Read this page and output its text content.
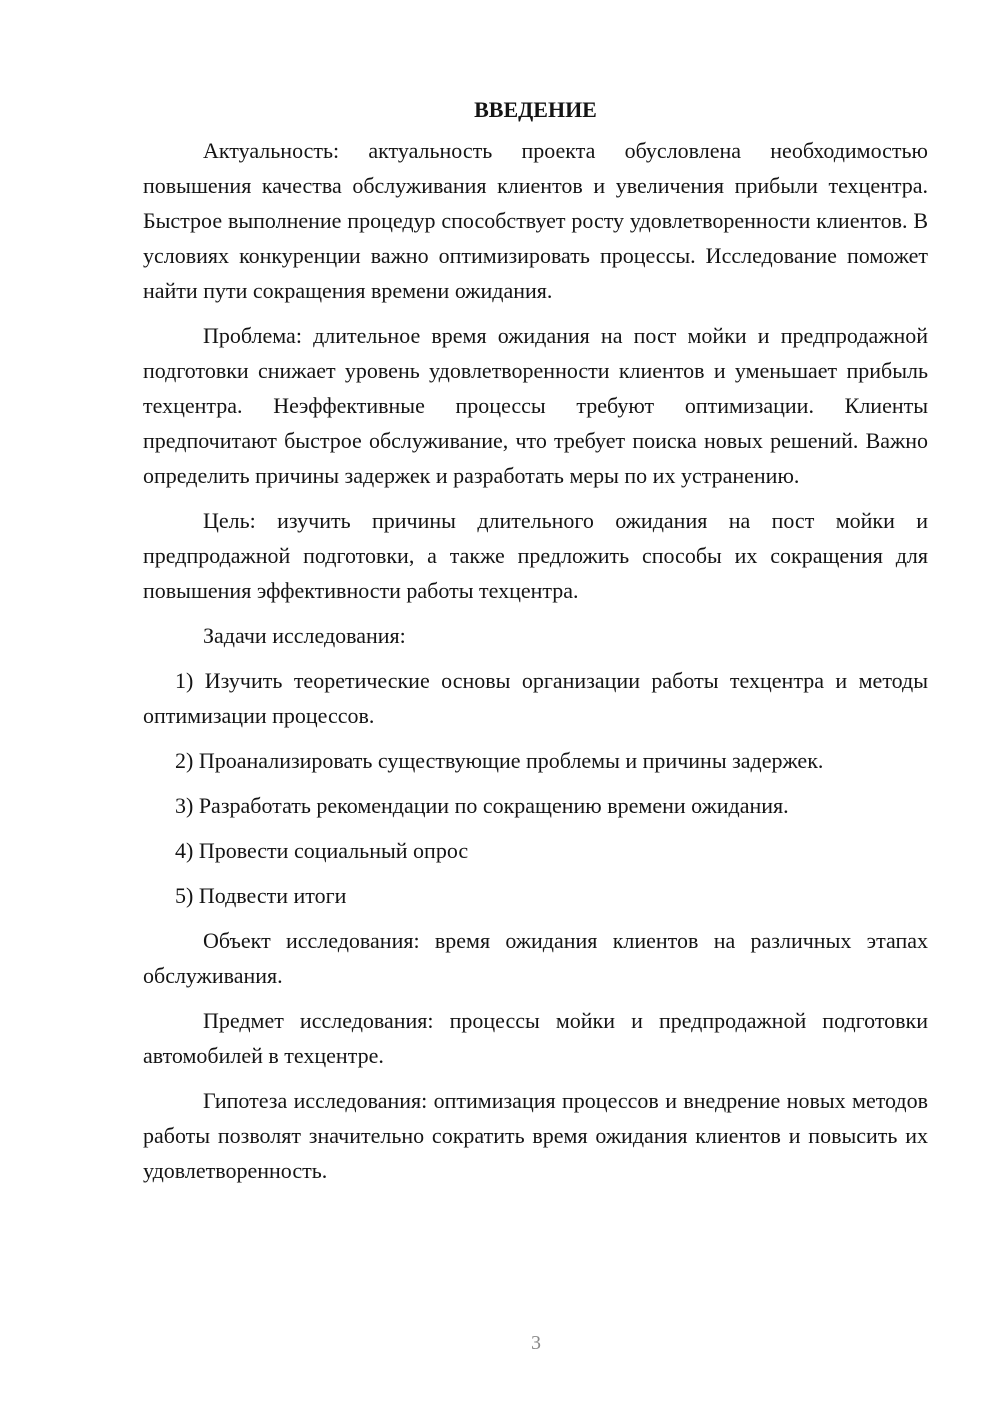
ВВЕДЕНИЕ

Актуальность: актуальность проекта обусловлена необходимостью повышения качества обслуживания клиентов и увеличения прибыли техцентра. Быстрое выполнение процедур способствует росту удовлетворенности клиентов. В условиях конкуренции важно оптимизировать процессы. Исследование поможет найти пути сокращения времени ожидания.

Проблема: длительное время ожидания на пост мойки и предпродажной подготовки снижает уровень удовлетворенности клиентов и уменьшает прибыль техцентра. Неэффективные процессы требуют оптимизации. Клиенты предпочитают быстрое обслуживание, что требует поиска новых решений. Важно определить причины задержек и разработать меры по их устранению.

Цель: изучить причины длительного ожидания на пост мойки и предпродажной подготовки, а также предложить способы их сокращения для повышения эффективности работы техцентра.

Задачи исследования:

1) Изучить теоретические основы организации работы техцентра и методы оптимизации процессов.

2) Проанализировать существующие проблемы и причины задержек.

3) Разработать рекомендации по сокращению времени ожидания.

4) Провести социальный опрос

5) Подвести итоги

Объект исследования: время ожидания клиентов на различных этапах обслуживания.

Предмет исследования: процессы мойки и предпродажной подготовки автомобилей в техцентре.

Гипотеза исследования: оптимизация процессов и внедрение новых методов работы позволят значительно сократить время ожидания клиентов и повысить их удовлетворенность.

3
